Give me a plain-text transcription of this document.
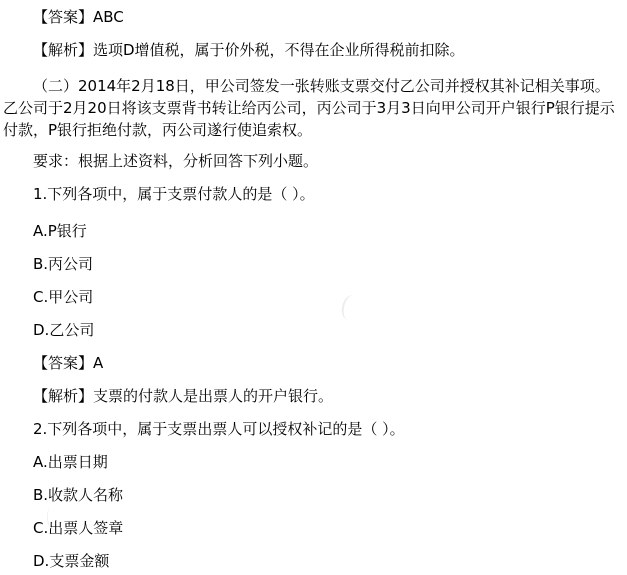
【答案】ABC

【解析】选项D增值税，属于价外税，不得在企业所得税前扣除。

（二）2014年2月18日，甲公司签发一张转账支票交付乙公司并授权其补记相关事项。乙公司于2月20日将该支票背书转让给丙公司，丙公司于3月3日向甲公司开户银行P银行提示付款，P银行拒绝付款，丙公司遂行使追索权。

要求：根据上述资料，分析回答下列小题。

1.下列各项中，属于支票付款人的是（ ）。

A.P银行

B.丙公司

C.甲公司

D.乙公司

【答案】A

【解析】支票的付款人是出票人的开户银行。

2.下列各项中，属于支票出票人可以授权补记的是（ ）。

A.出票日期

B.收款人名称

C.出票人签章

D.支票金额
